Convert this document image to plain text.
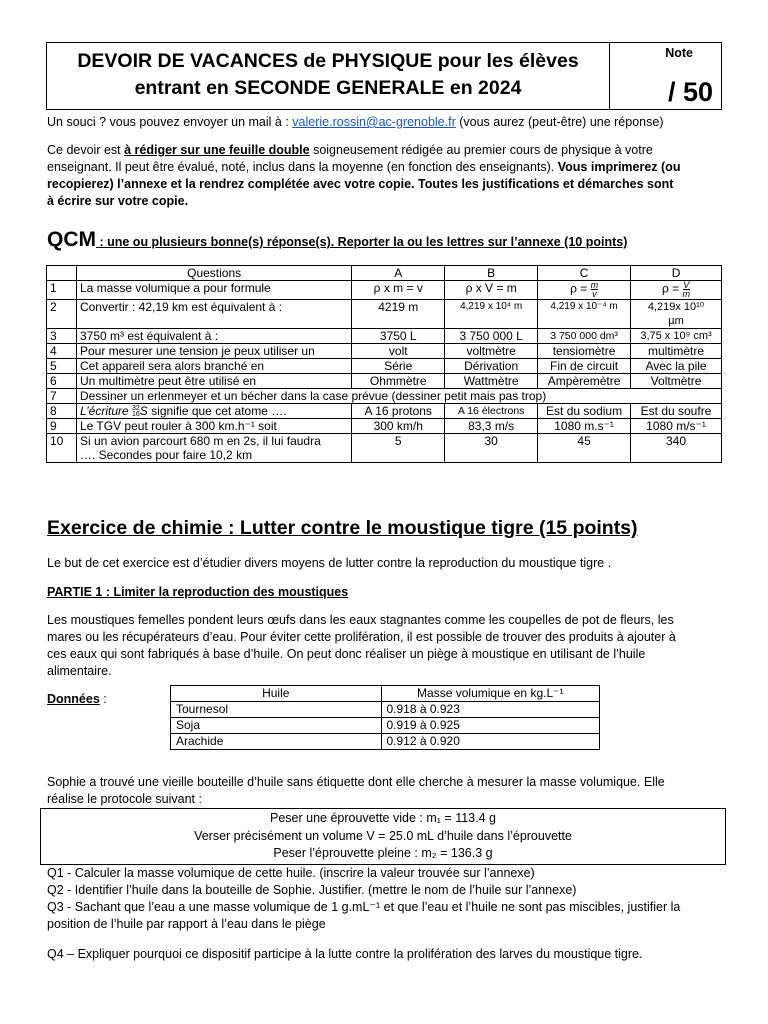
DEVOIR DE VACANCES de PHYSIQUE pour les élèves
entrant en SECONDE GENERALE en 2024
Note
/ 50
Un souci ? vous pouvez envoyer un mail à : valerie.rossin@ac-grenoble.fr (vous aurez (peut-être) une réponse)
Ce devoir est à rédiger sur une feuille double soigneusement rédigée au premier cours de physique à votre
enseignant. Il peut être évalué, noté, inclus dans la moyenne (en fonction des enseignants). Vous imprimerez (ou
recopierez) l’annexe et la rendrez complétée avec votre copie. Toutes les justifications et démarches sont
à écrire sur votre copie.
QCM : une ou plusieurs bonne(s) réponse(s). Reporter la ou les lettres sur l’annexe (10 points)
	Questions	A	B	C	D
1	La masse volumique a pour formule	ρ x m = v	ρ x V = m	$\rho = \frac{m}{v}$	$\rho = \frac{V}{m}$

2	Convertir : 42,19 km est équivalent à :	4219 m	4,219 x 10⁴ m	4,219 x 10⁻⁴ m	4,219x 10¹⁰
µm

3	3750 m³ est équivalent à :	3750 L	3 750 000 L	3 750 000 dm³	3,75 x 10⁹ cm³
4	Pour mesurer une tension je peux utiliser un	volt	voltmètre	tensiomètre	multimètre
5	Cet appareil sera alors branché en	Série	Dérivation	Fin de circuit	Avec la pile
6	Un multimètre peut être utilisé en	Ohmmètre	Wattmètre	Ampèremètre	Voltmètre
7	Dessiner un erlenmeyer et un bécher dans la case prévue (dessiner petit mais pas trop)				
8	L’écriture 32
16 S signifie que cet atome ….	A 16 protons	A 16 électrons	Est du sodium	Est du soufre
9	Le TGV peut rouler à 300 km.h⁻¹ soit	300 km/h	83,3 m/s	1080 m.s⁻¹	1080 m/s⁻¹
10	Si un avion parcourt 680 m en 2s, il lui faudra
…. Secondes pour faire 10,2 km	5	30	45	340
Exercice de chimie : Lutter contre le moustique tigre (15 points)
Le but de cet exercice est d’étudier divers moyens de lutter contre la reproduction du moustique tigre .
PARTIE 1 : Limiter la reproduction des moustiques
Les moustiques femelles pondent leurs œufs dans les eaux stagnantes comme les coupelles de pot de fleurs, les
mares ou les récupérateurs d’eau. Pour éviter cette prolifération, il est possible de trouver des produits à ajouter à
ces eaux qui sont fabriqués à base d’huile. On peut donc réaliser un piège à moustique en utilisant de l’huile
alimentaire.
Données :	Huile	Masse volumique en kg.L⁻¹
Tournesol	0.918 à 0.923
Soja	0.919 à 0.925
Arachide	0.912 à 0.920
Sophie a trouvé une vieille bouteille d’huile sans étiquette dont elle cherche à mesurer la masse volumique. Elle
réalise le protocole suivant :
Peser une éprouvette vide : m₁ = 113.4 g
Verser précisément un volume V = 25.0 mL d’huile dans l’éprouvette
Peser l’éprouvette pleine : m₂ = 136.3 g
Q1 - Calculer la masse volumique de cette huile. (inscrire la valeur trouvée sur l’annexe)
Q2 - Identifier l’huile dans la bouteille de Sophie. Justifier. (mettre le nom de l’huile sur l’annexe)
Q3 - Sachant que l’eau a une masse volumique de 1 g.mL⁻¹ et que l’eau et l’huile ne sont pas miscibles, justifier la
position de l’huile par rapport à l’eau dans le piège
Q4 – Expliquer pourquoi ce dispositif participe à la lutte contre la prolifération des larves du moustique tigre.
